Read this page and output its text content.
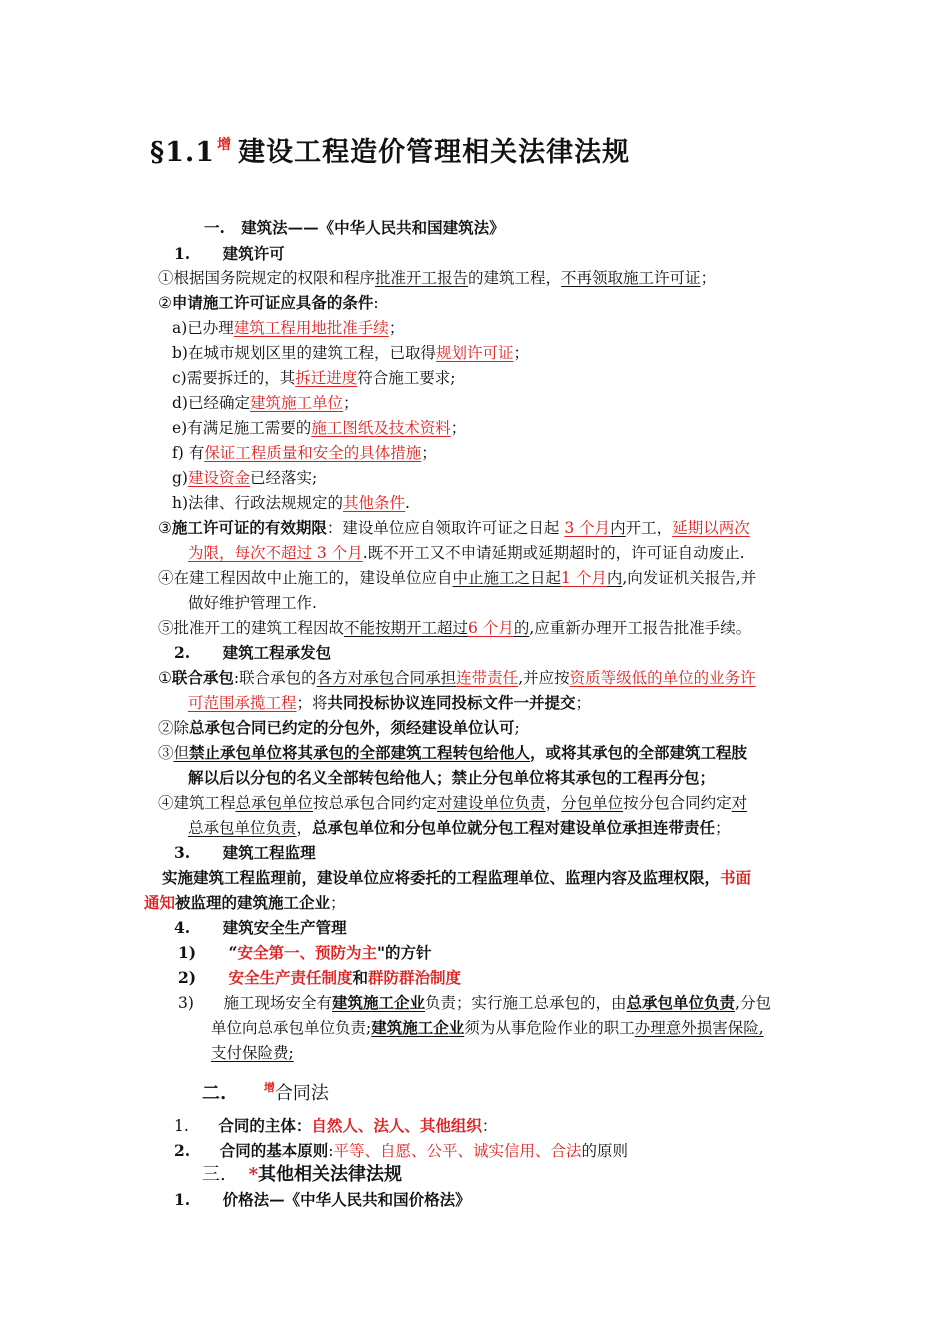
§1.1 $^增$ 建设工程造价管理相关法律法规
一. 建筑法——《中华人民共和国建筑法》
1. 建筑许可
①根据国务院规定的权限和程序批准开工报告的建筑工程，不再领取施工许可证；
②申请施工许可证应具备的条件:
a)已办理建筑工程用地批准手续；
b)在城市规划区里的建筑工程，已取得规划许可证；
c)需要拆迁的，其拆迁进度符合施工要求;
d)已经确定建筑施工单位；
e)有满足施工需要的施工图纸及技术资料；
f) 有保证工程质量和安全的具体措施；
g)建设资金已经落实;
h)法律、行政法规规定的其他条件.
③施工许可证的有效期限：建设单位应自领取许可证之日起 3 个月内开工，延期以两次
为限，每次不超过 3 个月.既不开工又不申请延期或延期超时的，许可证自动废止.
④在建工程因故中止施工的，建设单位应自中止施工之日起1 个月内,向发证机关报告,并
做好维护管理工作.
⑤批准开工的建筑工程因故不能按期开工超过6 个月的,应重新办理开工报告批准手续。
2. 建筑工程承发包
①联合承包:联合承包的各方对承包合同承担连带责任,并应按资质等级低的单位的业务许
可范围承揽工程；将共同投标协议连同投标文件一并提交；
②除总承包合同已约定的分包外，须经建设单位认可;
③但禁止承包单位将其承包的全部建筑工程转包给他人，或将其承包的全部建筑工程肢
解以后以分包的名义全部转包给他人；禁止分包单位将其承包的工程再分包；
④建筑工程总承包单位按总承包合同约定对建设单位负责，分包单位按分包合同约定对
总承包单位负责，总承包单位和分包单位就分包工程对建设单位承担连带责任；
3. 建筑工程监理
实施建筑工程监理前，建设单位应将委托的工程监理单位、监理内容及监理权限，书面
通知被监理的建筑施工企业；
4. 建筑安全生产管理
1) “安全第一、预防为主"的方针
2) 安全生产责任制度和群防群治制度
3) 施工现场安全有建筑施工企业负责；实行施工总承包的，由总承包单位负责,分包
单位向总承包单位负责;建筑施工企业须为从事危险作业的职工办理意外损害保险,
支付保险费;
二.	$^增$合同法
1. 合同的主体：自然人、法人、其他组织：
2. 合同的基本原则:平等、自愿、公平、诚实信用、合法的原则
三. *其他相关法律法规
1. 价格法—《中华人民共和国价格法》
